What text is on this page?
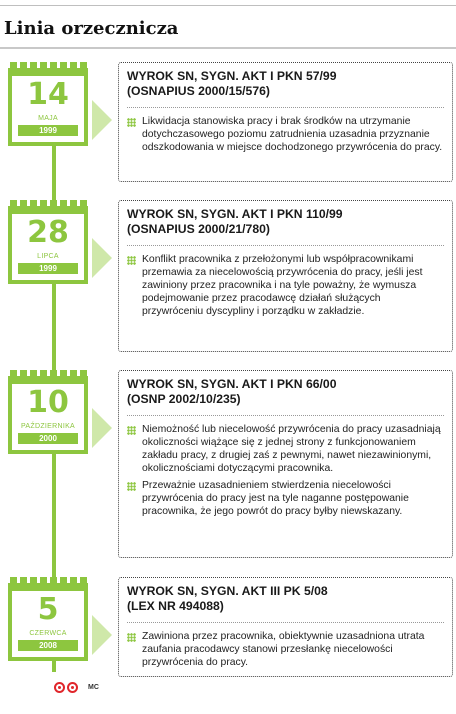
Linia orzecznicza
14
MAJA
1999
WYROK SN, SYGN. AKT I PKN 57/99
(OSNAPIUS 2000/15/576)
Likwidacja stanowiska pracy i brak środków na utrzymanie dotychczasowego poziomu zatrudnienia uzasadnia przyznanie odszkodowania w miejsce dochodzonego przywrócenia do pracy.
28
LIPCA
1999
WYROK SN, SYGN. AKT I PKN 110/99
(OSNAPIUS 2000/21/780)
Konflikt pracownika z przełożonymi lub współpracownikami przemawia za niecelowością przywrócenia do pracy, jeśli jest zawiniony przez pracownika i na tyle poważny, że wymusza podejmowanie przez pracodawcę działań służących przywróceniu dyscypliny i porządku w zakładzie.
10
PAŹDZIERNIKA
2000
WYROK SN, SYGN. AKT I PKN 66/00
(OSNP 2002/10/235)
Niemożność lub niecelowość przywrócenia do pracy uzasadniają okoliczności wiążące się z jednej strony z funkcjonowaniem zakładu pracy, z drugiej zaś z pewnymi, nawet niezawinionymi, okolicznościami dotyczącymi pracownika.
Przeważnie uzasadnieniem stwierdzenia niecelowości przywrócenia do pracy jest na tyle naganne postępowanie pracownika, że jego powrót do pracy byłby niewskazany.
5
CZERWCA
2008
WYROK SN, SYGN. AKT III PK 5/08
(LEX NR 494088)
Zawiniona przez pracownika, obiektywnie uzasadniona utrata zaufania pracodawcy stanowi przesłankę niecelowości przywrócenia do pracy.
MC
